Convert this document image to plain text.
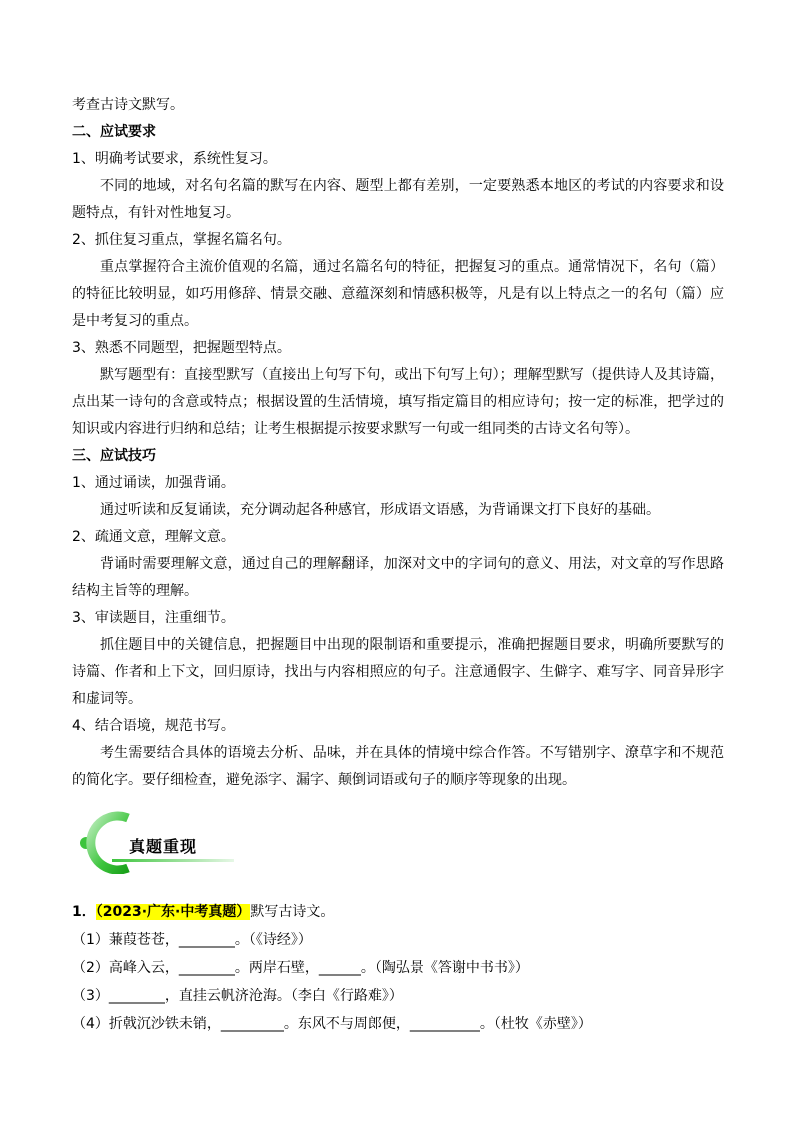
考查古诗文默写。

二、应试要求

1、明确考试要求，系统性复习。

不同的地域，对名句名篇的默写在内容、题型上都有差别，一定要熟悉本地区的考试的内容要求和设题特点，有针对性地复习。

2、抓住复习重点，掌握名篇名句。

重点掌握符合主流价值观的名篇，通过名篇名句的特征，把握复习的重点。通常情况下，名句（篇）的特征比较明显，如巧用修辞、情景交融、意蕴深刻和情感积极等，凡是有以上特点之一的名句（篇）应是中考复习的重点。

3、熟悉不同题型，把握题型特点。

默写题型有：直接型默写（直接出上句写下句，或出下句写上句）；理解型默写（提供诗人及其诗篇，点出某一诗句的含意或特点；根据设置的生活情境，填写指定篇目的相应诗句；按一定的标准，把学过的知识或内容进行归纳和总结；让考生根据提示按要求默写一句或一组同类的古诗文名句等）。

三、应试技巧

1、通过诵读，加强背诵。

通过听读和反复诵读，充分调动起各种感官，形成语文语感，为背诵课文打下良好的基础。

2、疏通文意，理解文意。

背诵时需要理解文意，通过自己的理解翻译，加深对文中的字词句的意义、用法，对文章的写作思路结构主旨等的理解。

3、审读题目，注重细节。

抓住题目中的关键信息，把握题目中出现的限制语和重要提示，准确把握题目要求，明确所要默写的诗篇、作者和上下文，回归原诗，找出与内容相照应的句子。注意通假字、生僻字、难写字、同音异形字和虚词等。

4、结合语境，规范书写。

考生需要结合具体的语境去分析、品味，并在具体的情境中综合作答。不写错别字、潦草字和不规范的简化字。要仔细检查，避免添字、漏字、颠倒词语或句子的顺序等现象的出现。

真题重现

1．（2023·广东·中考真题）默写古诗文。

（1）蒹葭苍苍，________。（《诗经》）

（2）高峰入云，________。两岸石壁，______。（陶弘景《答谢中书书》）

（3）________，直挂云帆济沧海。（李白《行路难》）

（4）折戟沉沙铁未销，_________。东风不与周郎便，__________。（杜牧《赤壁》）
